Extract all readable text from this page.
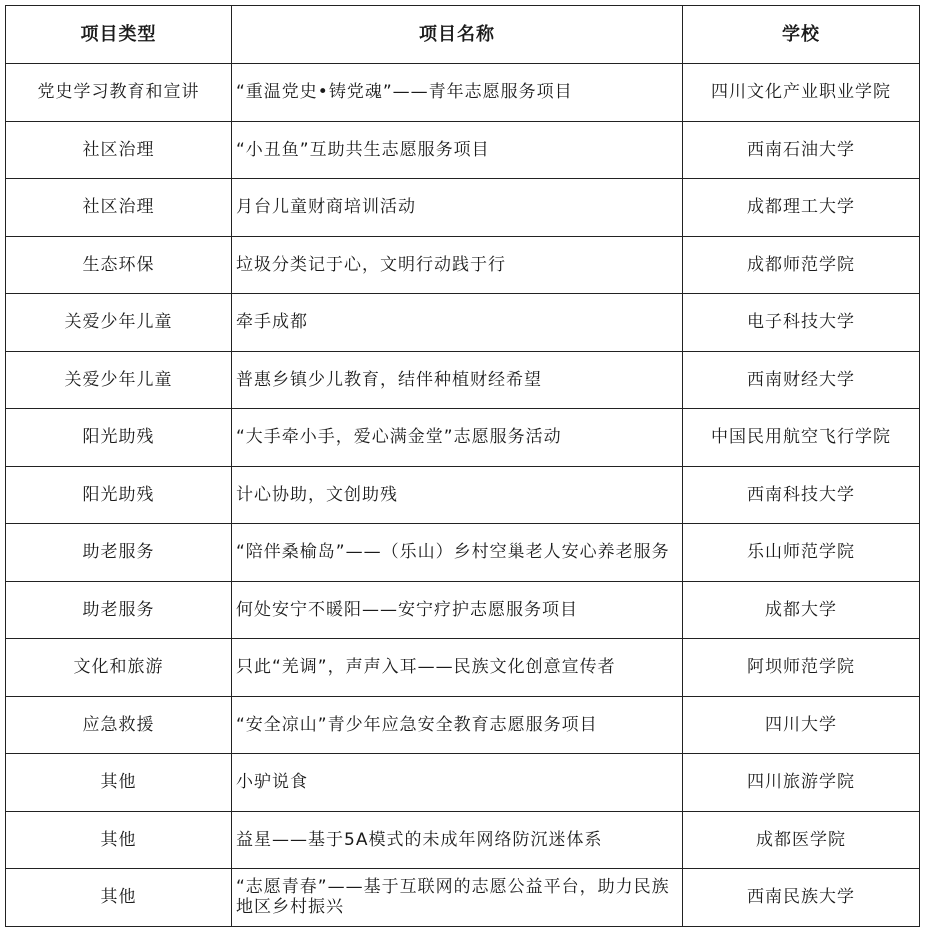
项目类型	项目名称	学校
党史学习教育和宣讲	“重温党史•铸党魂”——青年志愿服务项目	四川文化产业职业学院
社区治理	“小丑鱼”互助共生志愿服务项目	西南石油大学
社区治理	月台儿童财商培训活动	成都理工大学
生态环保	垃圾分类记于心，文明行动践于行	成都师范学院
关爱少年儿童	牵手成都	电子科技大学
关爱少年儿童	普惠乡镇少儿教育，结伴种植财经希望	西南财经大学
阳光助残	“大手牵小手，爱心满金堂”志愿服务活动	中国民用航空飞行学院
阳光助残	计心协助，文创助残	西南科技大学
助老服务	“陪伴桑榆岛”——（乐山）乡村空巢老人安心养老服务	乐山师范学院
助老服务	何处安宁不暖阳——安宁疗护志愿服务项目	成都大学
文化和旅游	只此“羌调”，声声入耳——民族文化创意宣传者	阿坝师范学院
应急救援	“安全凉山”青少年应急安全教育志愿服务项目	四川大学
其他	小驴说食	四川旅游学院
其他	益星——基于5A模式的未成年网络防沉迷体系	成都医学院
其他	“志愿青春”——基于互联网的志愿公益平台，助力民族地区乡村振兴	西南民族大学
